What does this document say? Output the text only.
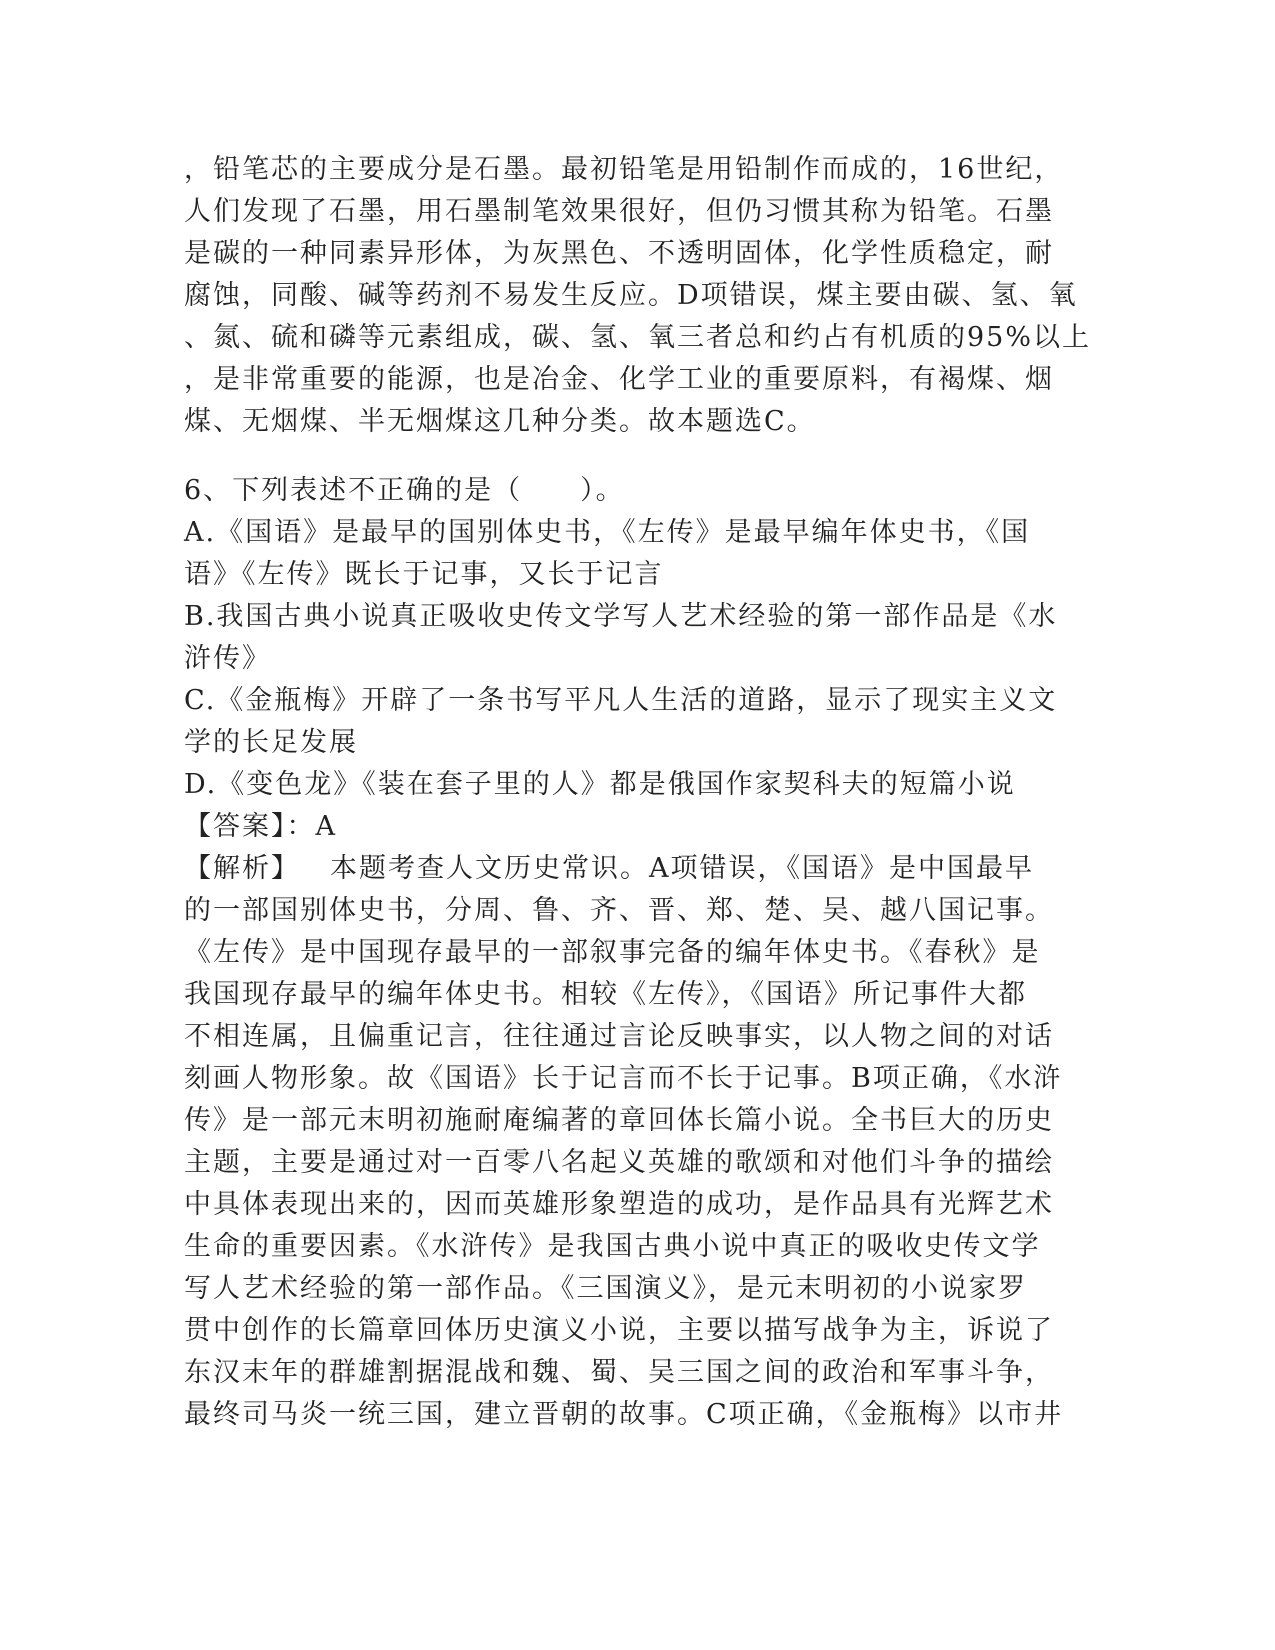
，铅笔芯的主要成分是石墨。最初铅笔是用铅制作而成的，16世纪，
人们发现了石墨，用石墨制笔效果很好，但仍习惯其称为铅笔。石墨
是碳的一种同素异形体，为灰黑色、不透明固体，化学性质稳定，耐
腐蚀，同酸、碱等药剂不易发生反应。D项错误，煤主要由碳、氢、氧
、氮、硫和磷等元素组成，碳、氢、氧三者总和约占有机质的95%以上
，是非常重要的能源，也是冶金、化学工业的重要原料，有褐煤、烟
煤、无烟煤、半无烟煤这几种分类。故本题选C。
6、下列表述不正确的是（　　）。
A.《国语》是最早的国别体史书，《左传》是最早编年体史书，《国
语》《左传》既长于记事，又长于记言
B.我国古典小说真正吸收史传文学写人艺术经验的第一部作品是《水
浒传》
C.《金瓶梅》开辟了一条书写平凡人生活的道路，显示了现实主义文
学的长足发展
D.《变色龙》《装在套子里的人》都是俄国作家契科夫的短篇小说
【答案】：A
【解析】 本题考查人文历史常识。A项错误，《国语》是中国最早
的一部国别体史书，分周、鲁、齐、晋、郑、楚、吴、越八国记事。
《左传》是中国现存最早的一部叙事完备的编年体史书。《春秋》是
我国现存最早的编年体史书。相较《左传》，《国语》所记事件大都
不相连属，且偏重记言，往往通过言论反映事实，以人物之间的对话
刻画人物形象。故《国语》长于记言而不长于记事。B项正确，《水浒
传》是一部元末明初施耐庵编著的章回体长篇小说。全书巨大的历史
主题，主要是通过对一百零八名起义英雄的歌颂和对他们斗争的描绘
中具体表现出来的，因而英雄形象塑造的成功，是作品具有光辉艺术
生命的重要因素。《水浒传》是我国古典小说中真正的吸收史传文学
写人艺术经验的第一部作品。《三国演义》，是元末明初的小说家罗
贯中创作的长篇章回体历史演义小说，主要以描写战争为主，诉说了
东汉末年的群雄割据混战和魏、蜀、吴三国之间的政治和军事斗争，
最终司马炎一统三国，建立晋朝的故事。C项正确，《金瓶梅》以市井
